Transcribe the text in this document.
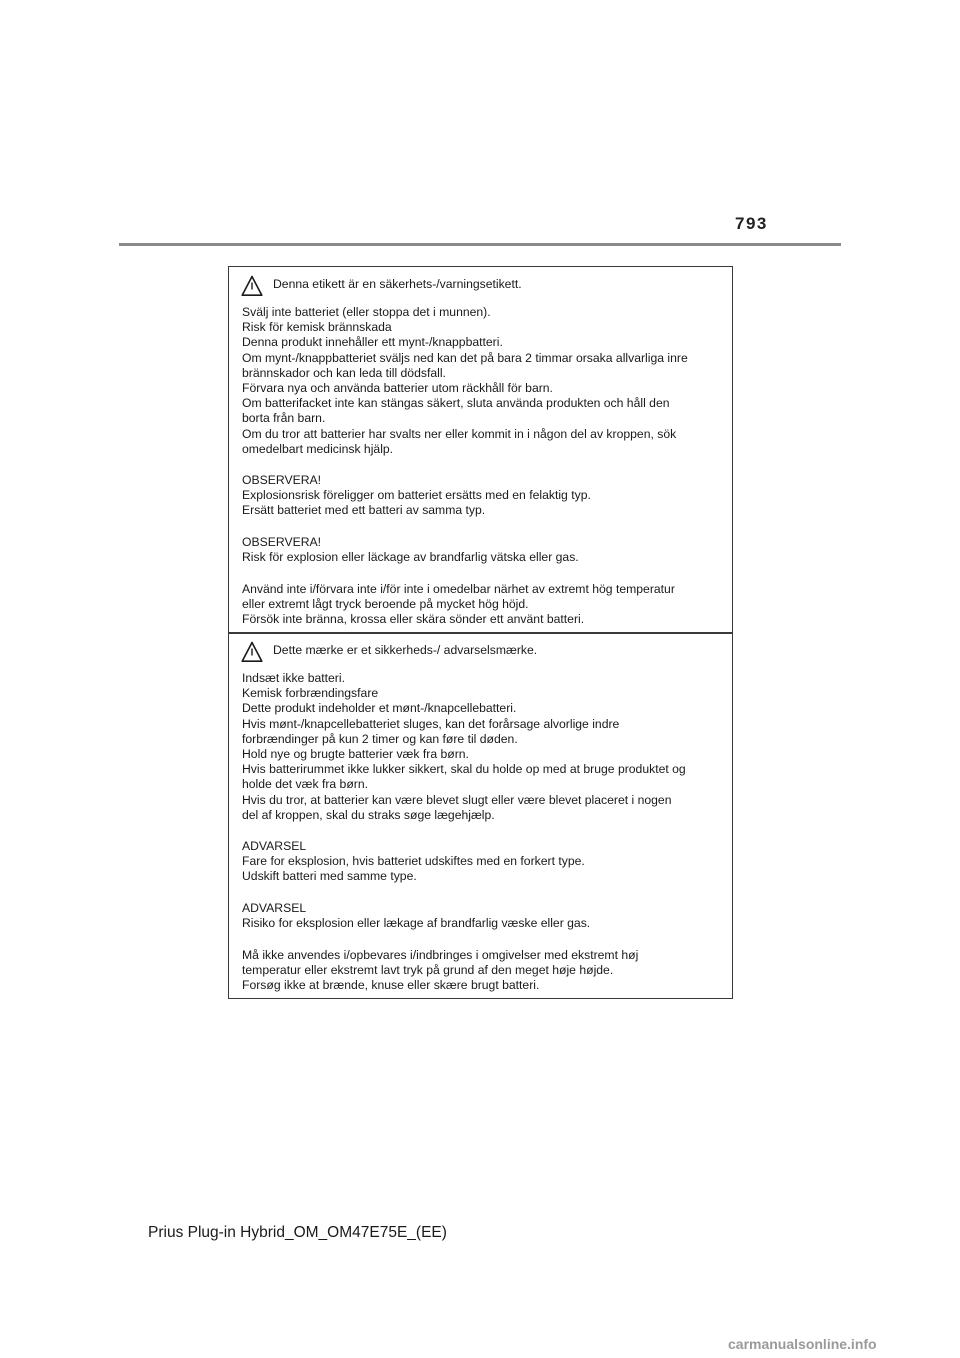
793
Denna etikett är en säkerhets-/varningsetikett.
Svälj inte batteriet (eller stoppa det i munnen).
Risk för kemisk brännskada
Denna produkt innehåller ett mynt-/knappbatteri.
Om mynt-/knappbatteriet sväljs ned kan det på bara 2 timmar orsaka allvarliga inre
brännskador och kan leda till dödsfall.
Förvara nya och använda batterier utom räckhåll för barn.
Om batterifacket inte kan stängas säkert, sluta använda produkten och håll den
borta från barn.
Om du tror att batterier har svalts ner eller kommit in i någon del av kroppen, sök
omedelbart medicinsk hjälp.
OBSERVERA!
Explosionsrisk föreligger om batteriet ersätts med en felaktig typ.
Ersätt batteriet med ett batteri av samma typ.
OBSERVERA!
Risk för explosion eller läckage av brandfarlig vätska eller gas.
Använd inte i/förvara inte i/för inte i omedelbar närhet av extremt hög temperatur
eller extremt lågt tryck beroende på mycket hög höjd.
Försök inte bränna, krossa eller skära sönder ett använt batteri.
Dette mærke er et sikkerheds-/ advarselsmærke.
Indsæt ikke batteri.
Kemisk forbrændingsfare
Dette produkt indeholder et mønt-/knapcellebatteri.
Hvis mønt-/knapcellebatteriet sluges, kan det forårsage alvorlige indre
forbrændinger på kun 2 timer og kan føre til døden.
Hold nye og brugte batterier væk fra børn.
Hvis batterirummet ikke lukker sikkert, skal du holde op med at bruge produktet og
holde det væk fra børn.
Hvis du tror, at batterier kan være blevet slugt eller være blevet placeret i nogen
del af kroppen, skal du straks søge lægehjælp.
ADVARSEL
Fare for eksplosion, hvis batteriet udskiftes med en forkert type.
Udskift batteri med samme type.
ADVARSEL
Risiko for eksplosion eller lækage af brandfarlig væske eller gas.
Må ikke anvendes i/opbevares i/indbringes i omgivelser med ekstremt høj
temperatur eller ekstremt lavt tryk på grund af den meget høje højde.
Forsøg ikke at brænde, knuse eller skære brugt batteri.
Prius Plug-in Hybrid_OM_OM47E75E_(EE)
carmanualsonline.info
